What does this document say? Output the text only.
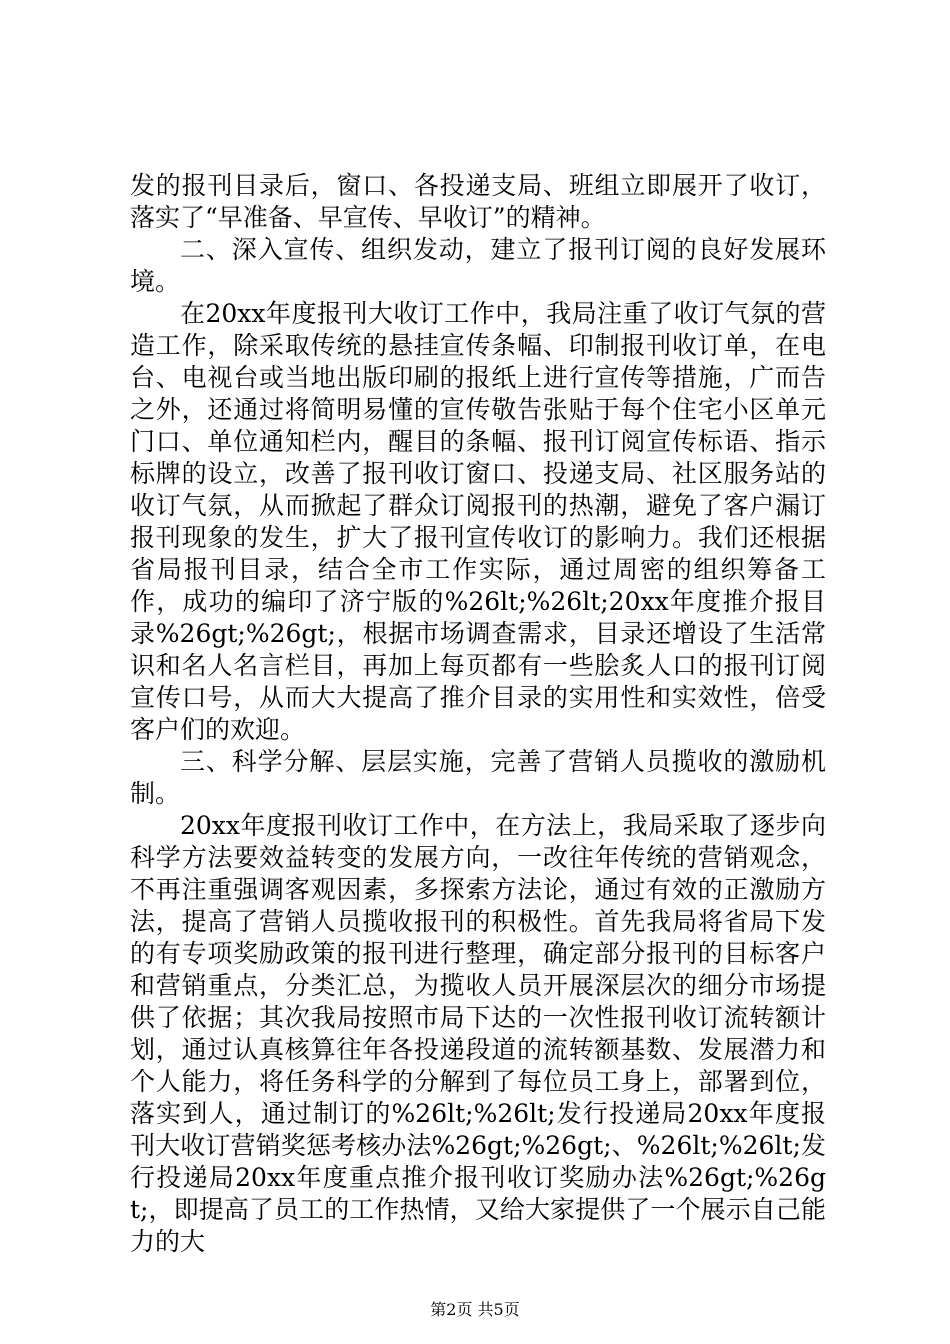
发的报刊目录后，窗口、各投递支局、班组立即展开了收订，落实了“早准备、早宣传、早收订”的精神。

二、深入宣传、组织发动，建立了报刊订阅的良好发展环境。

在20xx年度报刊大收订工作中，我局注重了收订气氛的营造工作，除采取传统的悬挂宣传条幅、印制报刊收订单，在电台、电视台或当地出版印刷的报纸上进行宣传等措施，广而告之外，还通过将简明易懂的宣传敬告张贴于每个住宅小区单元门口、单位通知栏内，醒目的条幅、报刊订阅宣传标语、指示标牌的设立，改善了报刊收订窗口、投递支局、社区服务站的收订气氛，从而掀起了群众订阅报刊的热潮，避免了客户漏订报刊现象的发生，扩大了报刊宣传收订的影响力。我们还根据省局报刊目录，结合全市工作实际，通过周密的组织筹备工作，成功的编印了济宁版的%26lt;%26lt;20xx年度推介报目录%26gt;%26gt;，根据市场调查需求，目录还增设了生活常识和名人名言栏目，再加上每页都有一些脍炙人口的报刊订阅宣传口号，从而大大提高了推介目录的实用性和实效性，倍受客户们的欢迎。

三、科学分解、层层实施，完善了营销人员揽收的激励机制。

20xx年度报刊收订工作中，在方法上，我局采取了逐步向科学方法要效益转变的发展方向，一改往年传统的营销观念，不再注重强调客观因素，多探索方法论，通过有效的正激励方法，提高了营销人员揽收报刊的积极性。首先我局将省局下发的有专项奖励政策的报刊进行整理，确定部分报刊的目标客户和营销重点，分类汇总，为揽收人员开展深层次的细分市场提供了依据；其次我局按照市局下达的一次性报刊收订流转额计划，通过认真核算往年各投递段道的流转额基数、发展潜力和个人能力，将任务科学的分解到了每位员工身上，部署到位，落实到人，通过制订的%26lt;%26lt;发行投递局20xx年度报刊大收订营销奖惩考核办法%26gt;%26gt;、%26lt;%26lt;发行投递局20xx年度重点推介报刊收订奖励办法%26gt;%26gt;，即提高了员工的工作热情，又给大家提供了一个展示自己能力的大

第2页 共5页
